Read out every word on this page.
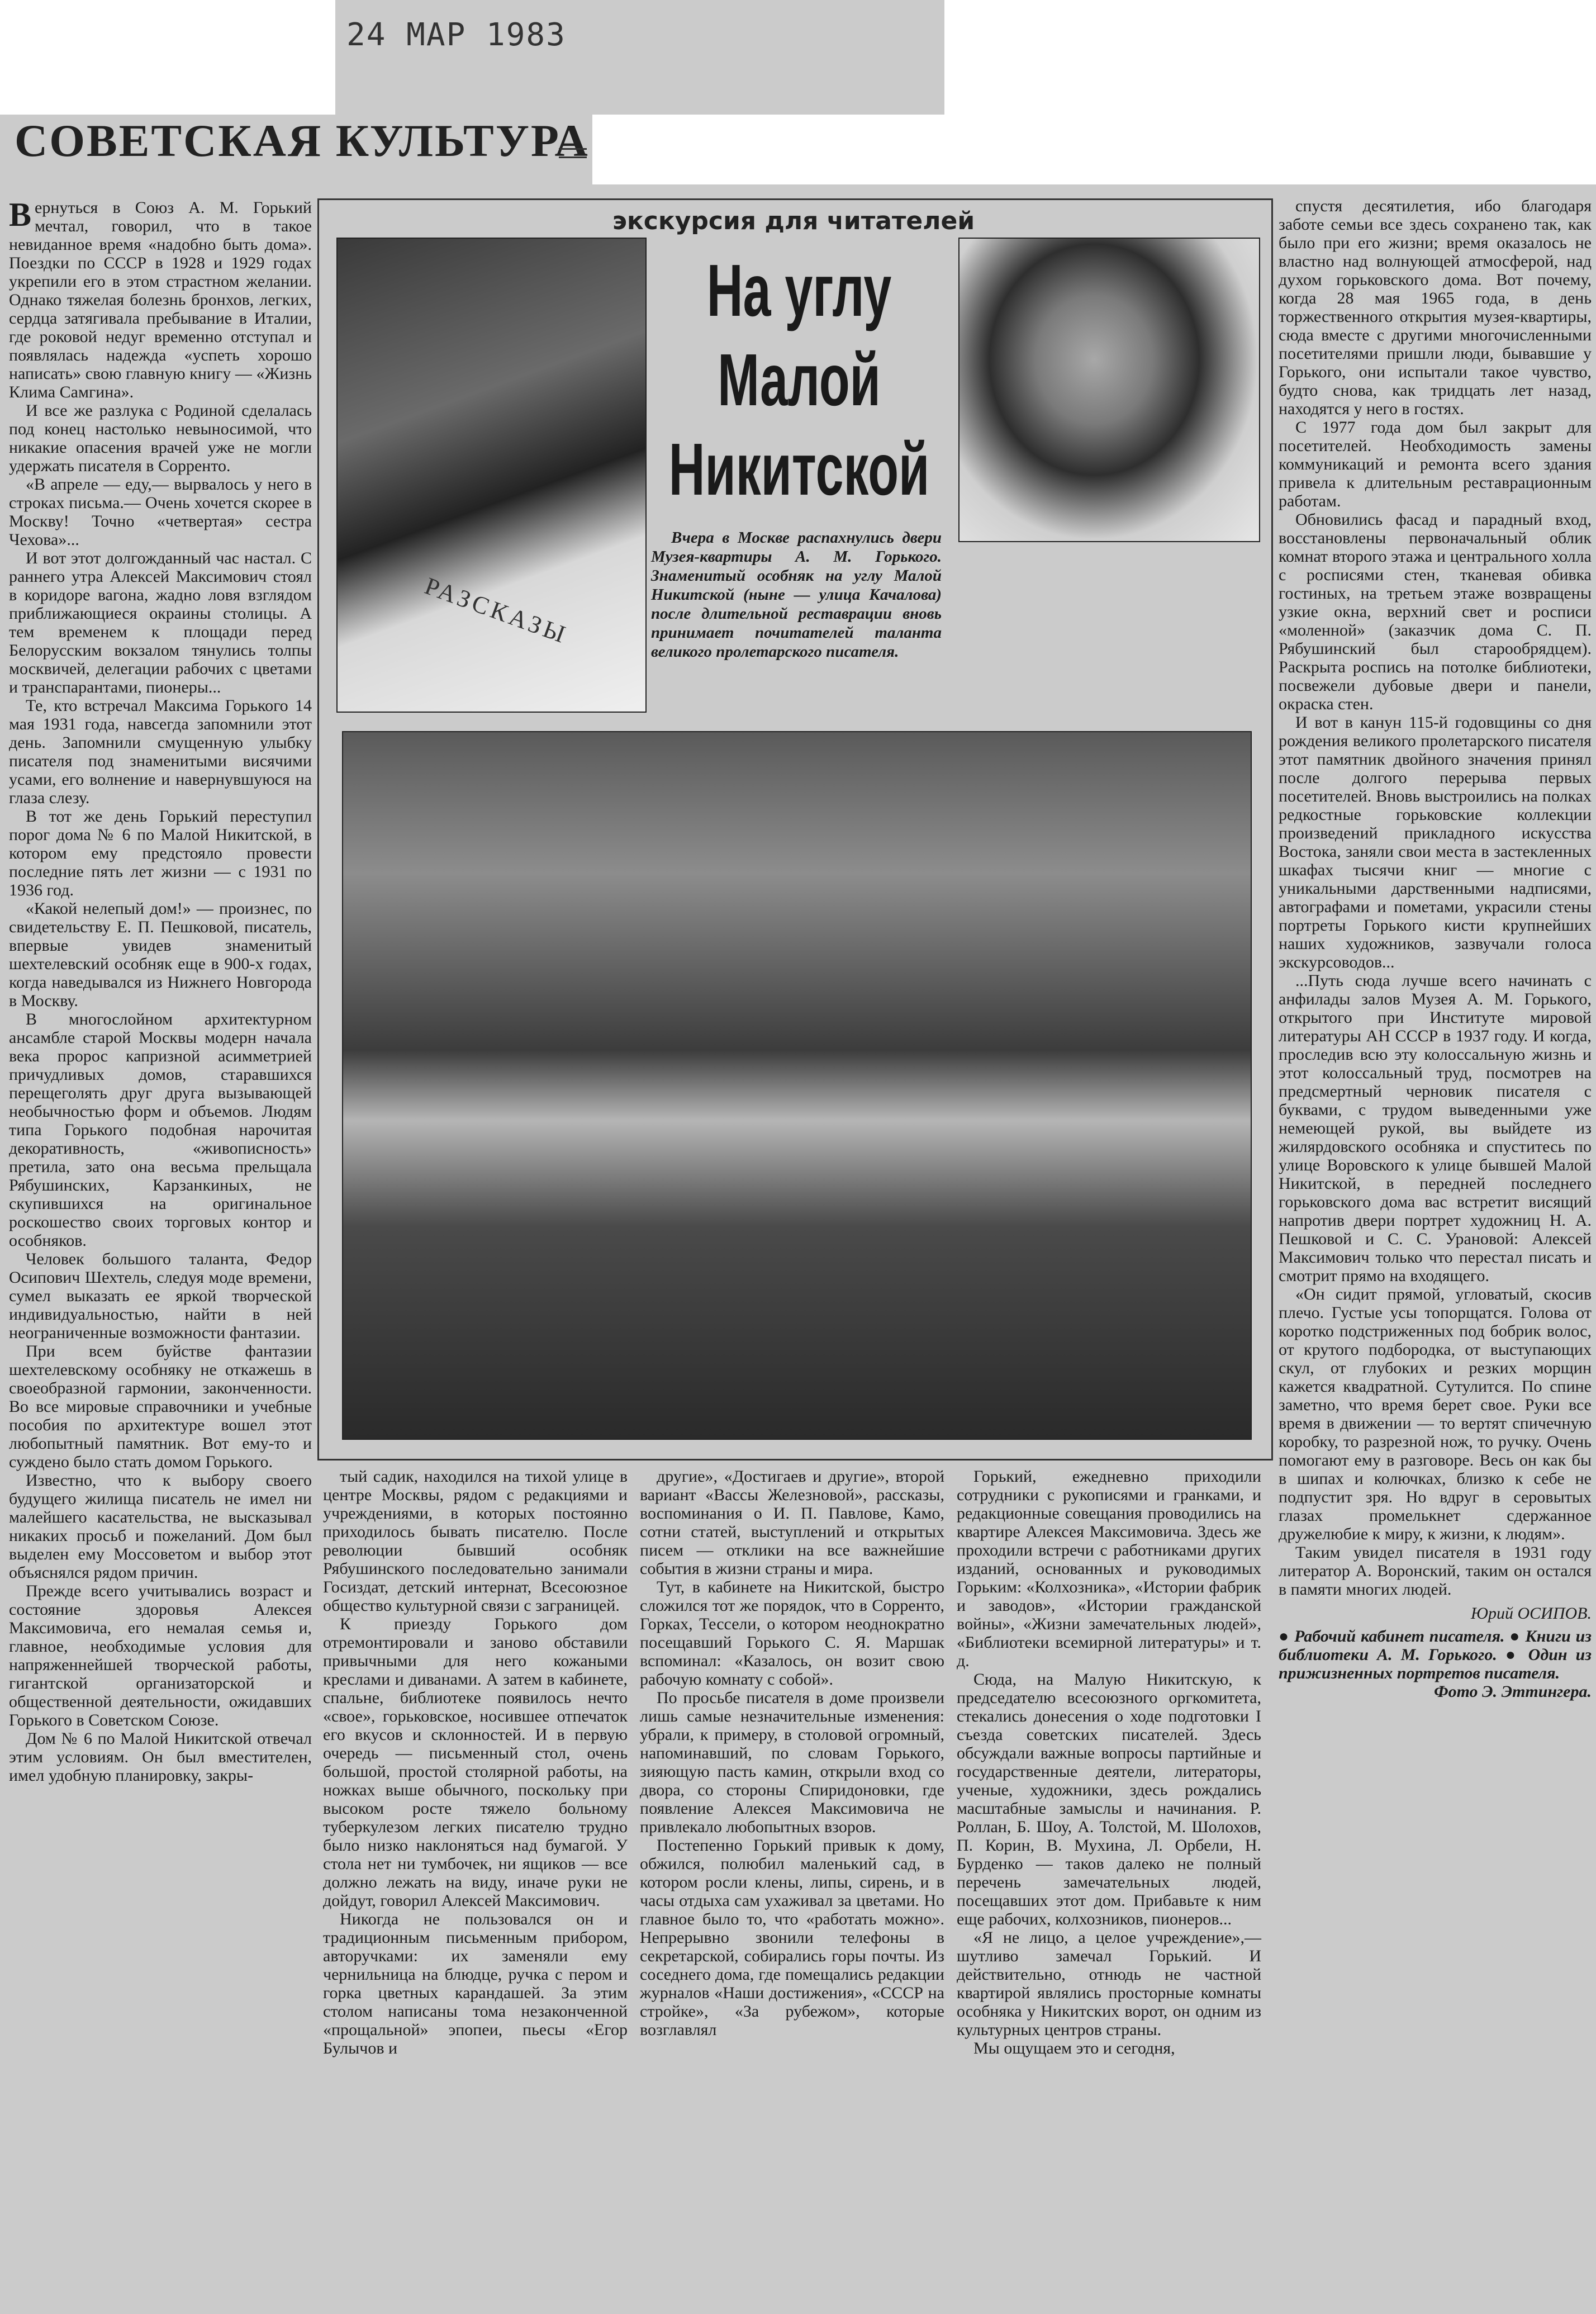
24 МАР 1983
СОВЕТСКАЯ КУЛЬТУРА

Вернуться в Союз А. М. Горький мечтал, говорил, что в такое невиданное время «надобно быть дома». Поездки по СССР в 1928 и 1929 годах укрепили его в этом страстном желании. Однако тяжелая болезнь бронхов, легких, сердца затягивала пребывание в Италии, где роковой недуг временно отступал и появлялась надежда «успеть хорошо написать» свою главную книгу — «Жизнь Клима Самгина».

И все же разлука с Родиной сделалась под конец настолько невыносимой, что никакие опасения врачей уже не могли удержать писателя в Сорренто.

«В апреле — еду,— вырвалось у него в строках письма.— Очень хочется скорее в Москву! Точно «четвертая» сестра Чехова»...

И вот этот долгожданный час настал. С раннего утра Алексей Максимович стоял в коридоре вагона, жадно ловя взглядом приближающиеся окраины столицы. А тем временем к площади перед Белорусским вокзалом тянулись толпы москвичей, делегации рабочих с цветами и транспарантами, пионеры...

Те, кто встречал Максима Горького 14 мая 1931 года, навсегда запомнили этот день. Запомнили смущенную улыбку писателя под знаменитыми висячими усами, его волнение и навернувшуюся на глаза слезу.

В тот же день Горький переступил порог дома № 6 по Малой Никитской, в котором ему предстояло провести последние пять лет жизни — с 1931 по 1936 год.

«Какой нелепый дом!» — произнес, по свидетельству Е. П. Пешковой, писатель, впервые увидев знаменитый шехтелевский особняк еще в 900-х годах, когда наведывался из Нижнего Новгорода в Москву.

В многослойном архитектурном ансамбле старой Москвы модерн начала века пророс капризной асимметрией причудливых домов, старавшихся перещеголять друг друга вызывающей необычностью форм и объемов. Людям типа Горького подобная нарочитая декоративность, «живописность» претила, зато она весьма прельщала Рябушинских, Карзанкиных, не скупившихся на оригинальное роскошество своих торговых контор и особняков.

Человек большого таланта, Федор Осипович Шехтель, следуя моде времени, сумел выказать ее яркой творческой индивидуальностью, найти в ней неограниченные возможности фантазии.

При всем буйстве фантазии шехтелевскому особняку не откажешь в своеобразной гармонии, законченности. Во все мировые справочники и учебные пособия по архитектуре вошел этот любопытный памятник. Вот ему-то и суждено было стать домом Горького.

Известно, что к выбору своего будущего жилища писатель не имел ни малейшего касательства, не высказывал никаких просьб и пожеланий. Дом был выделен ему Моссоветом и выбор этот объяснялся рядом причин.

Прежде всего учитывались возраст и состояние здоровья Алексея Максимовича, его немалая семья и, главное, необходимые условия для напряженнейшей творческой работы, гигантской организаторской и общественной деятельности, ожидавших Горького в Советском Союзе.

Дом № 6 по Малой Никитской отвечал этим условиям. Он был вместителен, имел удобную планировку, закры-

экскурсия для читателей
РАЗСКАЗЫ
На углу
Малой
Никитской
Вчера в Москве распахнулись двери Музея-квартиры А. М. Горького. Знаменитый особняк на углу Малой Никитской (ныне — улица Качалова) после длительной реставрации вновь принимает почитателей таланта великого пролетарского писателя.

тый садик, находился на тихой улице в центре Москвы, рядом с редакциями и учреждениями, в которых постоянно приходилось бывать писателю. После революции бывший особняк Рябушинского последовательно занимали Госиздат, детский интернат, Всесоюзное общество культурной связи с заграницей.

К приезду Горького дом отремонтировали и заново обставили привычными для него кожаными креслами и диванами. А затем в кабинете, спальне, библиотеке появилось нечто «свое», горьковское, носившее отпечаток его вкусов и склонностей. И в первую очередь — письменный стол, очень большой, простой столярной работы, на ножках выше обычного, поскольку при высоком росте тяжело больному туберкулезом легких писателю трудно было низко наклоняться над бумагой. У стола нет ни тумбочек, ни ящиков — все должно лежать на виду, иначе руки не дойдут, говорил Алексей Максимович.

Никогда не пользовался он и традиционным письменным прибором, авторучками: их заменяли ему чернильница на блюдце, ручка с пером и горка цветных карандашей. За этим столом написаны тома незаконченной «прощальной» эпопеи, пьесы «Егор Булычов и

другие», «Достигаев и другие», второй вариант «Вассы Железновой», рассказы, воспоминания о И. П. Павлове, Камо, сотни статей, выступлений и открытых писем — отклики на все важнейшие события в жизни страны и мира.

Тут, в кабинете на Никитской, быстро сложился тот же порядок, что в Сорренто, Горках, Тессели, о котором неоднократно посещавший Горького С. Я. Маршак вспоминал: «Казалось, он возит свою рабочую комнату с собой».

По просьбе писателя в доме произвели лишь самые незначительные изменения: убрали, к примеру, в столовой огромный, напоминавший, по словам Горького, зияющую пасть камин, открыли вход со двора, со стороны Спиридоновки, где появление Алексея Максимовича не привлекало любопытных взоров.

Постепенно Горький привык к дому, обжился, полюбил маленький сад, в котором росли клены, липы, сирень, и в часы отдыха сам ухаживал за цветами. Но главное было то, что «работать можно». Непрерывно звонили телефоны в секретарской, собирались горы почты. Из соседнего дома, где помещались редакции журналов «Наши достижения», «СССР на стройке», «За рубежом», которые возглавлял

Горький, ежедневно приходили сотрудники с рукописями и гранками, и редакционные совещания проводились на квартире Алексея Максимовича. Здесь же проходили встречи с работниками других изданий, основанных и руководимых Горьким: «Колхозника», «Истории фабрик и заводов», «Истории гражданской войны», «Жизни замечательных людей», «Библиотеки всемирной литературы» и т. д.

Сюда, на Малую Никитскую, к председателю всесоюзного оргкомитета, стекались донесения о ходе подготовки I съезда советских писателей. Здесь обсуждали важные вопросы партийные и государственные деятели, литераторы, ученые, художники, здесь рождались масштабные замыслы и начинания. Р. Роллан, Б. Шоу, А. Толстой, М. Шолохов, П. Корин, В. Мухина, Л. Орбели, Н. Бурденко — таков далеко не полный перечень замечательных людей, посещавших этот дом. Прибавьте к ним еще рабочих, колхозников, пионеров...

«Я не лицо, а целое учреждение»,— шутливо замечал Горький. И действительно, отнюдь не частной квартирой являлись просторные комнаты особняка у Никитских ворот, он одним из культурных центров страны.

Мы ощущаем это и сегодня,

спустя десятилетия, ибо благодаря заботе семьи все здесь сохранено так, как было при его жизни; время оказалось не властно над волнующей атмосферой, над духом горьковского дома. Вот почему, когда 28 мая 1965 года, в день торжественного открытия музея-квартиры, сюда вместе с другими многочисленными посетителями пришли люди, бывавшие у Горького, они испытали такое чувство, будто снова, как тридцать лет назад, находятся у него в гостях.

С 1977 года дом был закрыт для посетителей. Необходимость замены коммуникаций и ремонта всего здания привела к длительным реставрационным работам.

Обновились фасад и парадный вход, восстановлены первоначальный облик комнат второго этажа и центрального холла с росписями стен, тканевая обивка гостиных, на третьем этаже возвращены узкие окна, верхний свет и росписи «моленной» (заказчик дома С. П. Рябушинский был старообрядцем). Раскрыта роспись на потолке библиотеки, посвежели дубовые двери и панели, окраска стен.

И вот в канун 115-й годовщины со дня рождения великого пролетарского писателя этот памятник двойного значения принял после долгого перерыва первых посетителей. Вновь выстроились на полках редкостные горьковские коллекции произведений прикладного искусства Востока, заняли свои места в застекленных шкафах тысячи книг — многие с уникальными дарственными надписями, автографами и пометами, украсили стены портреты Горького кисти крупнейших наших художников, зазвучали голоса экскурсоводов...

...Путь сюда лучше всего начинать с анфилады залов Музея А. М. Горького, открытого при Институте мировой литературы АН СССР в 1937 году. И когда, проследив всю эту колоссальную жизнь и этот колоссальный труд, посмотрев на предсмертный черновик писателя с буквами, с трудом выведенными уже немеющей рукой, вы выйдете из жилярдовского особняка и спуститесь по улице Воровского к улице бывшей Малой Никитской, в передней последнего горьковского дома вас встретит висящий напротив двери портрет художниц Н. А. Пешковой и С. С. Урановой: Алексей Максимович только что перестал писать и смотрит прямо на входящего.

«Он сидит прямой, угловатый, скосив плечо. Густые усы топорщатся. Голова от коротко подстриженных под бобрик волос, от крутого подбородка, от выступающих скул, от глубоких и резких морщин кажется квадратной. Сутулится. По спине заметно, что время берет свое. Руки все время в движении — то вертят спичечную коробку, то разрезной нож, то ручку. Очень помогают ему в разговоре. Весь он как бы в шипах и колючках, близко к себе не подпустит зря. Но вдруг в серовытых глазах промелькнет сдержанное дружелюбие к миру, к жизни, к людям».

Таким увидел писателя в 1931 году литератор А. Воронский, таким он остался в памяти многих людей.

Юрий ОСИПОВ.

● Рабочий кабинет писателя. ● Книги из библиотеки А. М. Горького. ● Один из прижизненных портретов писателя.

Фото Э. Эттингера.
